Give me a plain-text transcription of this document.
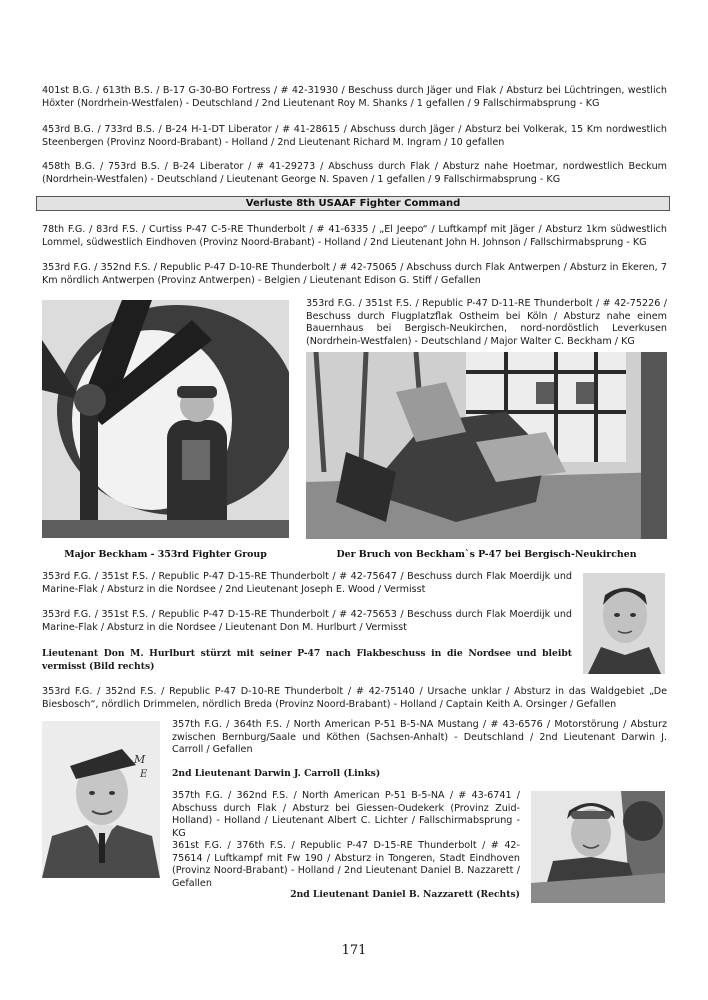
401st B.G. / 613th B.S. / B-17 G-30-BO Fortress / # 42-31930 / Beschuss durch Jäger und Flak / Absturz bei Lüchtringen, westlich Höxter (Nordrhein-Westfalen) - Deutschland / 2nd Lieutenant Roy M. Shanks / 1 gefallen / 9 Fallschirmabsprung - KG
453rd B.G. / 733rd B.S. / B-24 H-1-DT Liberator / # 41-28615 / Abschuss durch Jäger / Absturz bei Volkerak, 15 Km nordwestlich Steenbergen (Provinz Noord-Brabant) - Holland / 2nd Lieutenant Richard M. Ingram / 10 gefallen
458th B.G. / 753rd B.S. / B-24 Liberator / # 41-29273 / Abschuss durch Flak / Absturz nahe Hoetmar, nordwestlich Beckum (Nordrhein-Westfalen) - Deutschland / Lieutenant George N. Spaven / 1 gefallen / 9 Fallschirmabsprung - KG
Verluste 8th USAAF Fighter Command
78th F.G. / 83rd F.S. / Curtiss P-47 C-5-RE Thunderbolt / # 41-6335 / „El Jeepo“ / Luftkampf mit Jäger / Absturz 1km südwestlich Lommel, südwestlich Eindhoven (Provinz Noord-Brabant) - Holland / 2nd Lieutenant John H. Johnson / Fallschirmabsprung - KG
353rd F.G. / 352nd F.S. / Republic P-47 D-10-RE Thunderbolt / # 42-75065 / Abschuss durch Flak Antwerpen / Absturz in Ekeren, 7 Km nördlich Antwerpen (Provinz Antwerpen) - Belgien / Lieutenant Edison G. Stiff / Gefallen
353rd F.G. / 351st F.S. / Republic P-47 D-11-RE Thunderbolt / # 42-75226 / Beschuss durch Flugplatzflak Ostheim bei Köln / Absturz nahe einem Bauernhaus bei Bergisch-Neukirchen, nord-nordöstlich Leverkusen (Nordrhein-Westfalen) - Deutschland / Major Walter C. Beckham / KG
Major Beckham - 353rd Fighter Group	Der Bruch von Beckham`s P-47 bei Bergisch-Neukirchen
353rd F.G. / 351st F.S. / Republic P-47 D-15-RE Thunderbolt / # 42-75647 / Beschuss durch Flak Moerdijk und Marine-Flak / Absturz in die Nordsee / 2nd Lieutenant Joseph E. Wood / Vermisst
353rd F.G. / 351st F.S. / Republic P-47 D-15-RE Thunderbolt / # 42-75653 / Beschuss durch Flak Moerdijk und Marine-Flak / Absturz in die Nordsee / Lieutenant Don M. Hurlburt / Vermisst
Lieutenant Don M. Hurlburt stürzt mit seiner P-47 nach Flakbeschuss in die Nordsee und bleibt vermisst (Bild rechts)
353rd F.G. / 352nd F.S. / Republic P-47 D-10-RE Thunderbolt / # 42-75140 / Ursache unklar / Absturz in das Waldgebiet „De Biesbosch“, nördlich Drimmelen, nördlich Breda (Provinz Noord-Brabant) - Holland / Captain Keith A. Orsinger / Gefallen
M
E
357th F.G. / 364th F.S. / North American P-51 B-5-NA Mustang / # 43-6576 / Motorstörung / Absturz zwischen Bernburg/Saale und Köthen (Sachsen-Anhalt) - Deutschland / 2nd Lieutenant Darwin J. Carroll / Gefallen
2nd Lieutenant Darwin J. Carroll (Links)
357th F.G. / 362nd F.S. / North American P-51 B-5-NA / # 43-6741 / Abschuss durch Flak / Absturz bei Giessen-Oudekerk (Provinz Zuid-Holland) - Holland / Lieutenant Albert C. Lichter / Fallschirmabsprung - KG
361st F.G. / 376th F.S. / Republic P-47 D-15-RE Thunderbolt / # 42-75614 / Luftkampf mit Fw 190 / Absturz in Tongeren, Stadt Eindhoven (Provinz Noord-Brabant) - Holland / 2nd Lieutenant Daniel B. Nazzarett / Gefallen
2nd Lieutenant Daniel B. Nazzarett (Rechts)
171
